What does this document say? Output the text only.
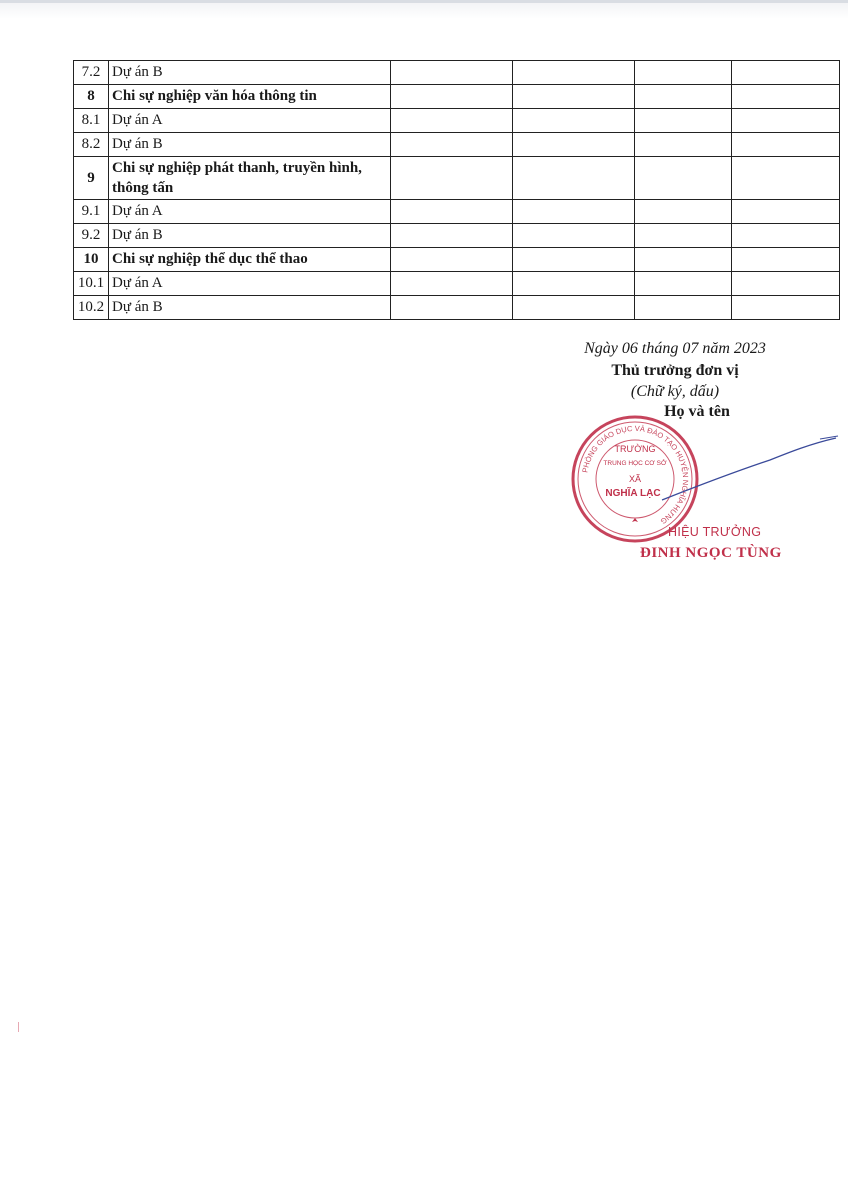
7.2	Dự án B				
8	Chi sự nghiệp văn hóa thông tin				
8.1	Dự án A				
8.2	Dự án B				
9	Chi sự nghiệp phát thanh, truyền hình, thông tấn				
9.1	Dự án A				
9.2	Dự án B				
10	Chi sự nghiệp thể dục thể thao				
10.1	Dự án A				
10.2	Dự án B				
Ngày 06 tháng 07 năm 2023
Thủ trưởng đơn vị
(Chữ ký, dấu)
Họ và tên
PHÒNG GIÁO DỤC VÀ ĐÀO TẠO HUYỆN NGHĨA HƯNG
TRƯỜNG
TRUNG HỌC CƠ SỞ
XÃ
NGHĨA LẠC
HIỆU TRƯỞNG
ĐINH NGỌC TÙNG
